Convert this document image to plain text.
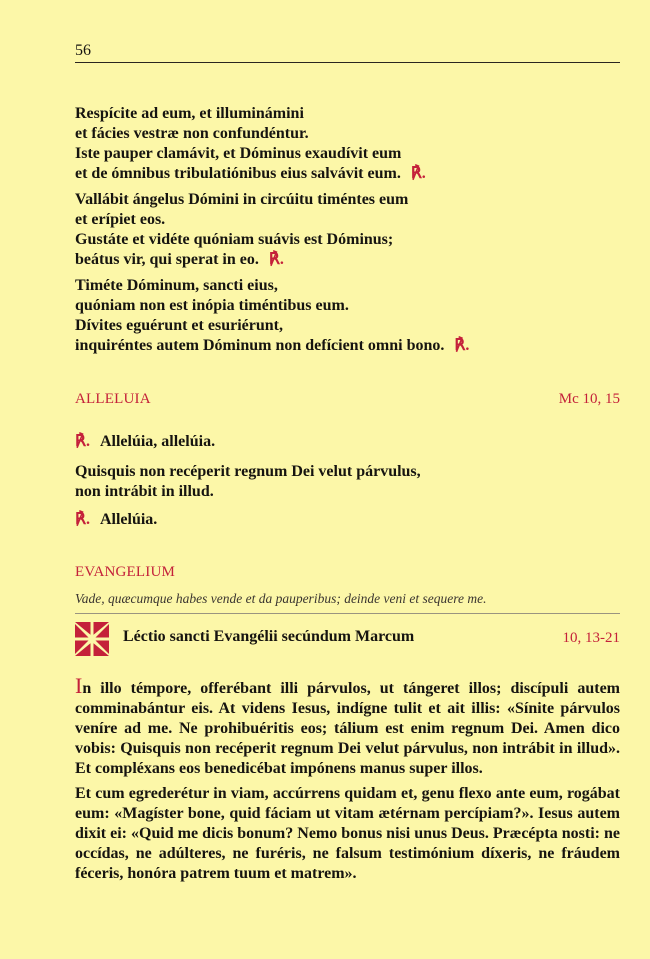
56
Respícite ad eum, et illuminámini
et fácies vestræ non confundéntur.
Iste pauper clamávit, et Dóminus exaudívit eum
et de ómnibus tribulatiónibus eius salvávit eum. ℟.
Vallábit ángelus Dómini in circúitu timéntes eum
et erípiet eos.
Gustáte et vidéte quóniam suávis est Dóminus;
beátus vir, qui sperat in eo. ℟.
Timéte Dóminum, sancti eius,
quóniam non est inópia timéntibus eum.
Dívites eguérunt et esuriérunt,
inquiréntes autem Dóminum non defícient omni bono. ℟.
ALLELUIA	Mc 10, 15
℟. Allelúia, allelúia.
Quisquis non recéperit regnum Dei velut párvulus,
non intrábit in illud.
℟. Allelúia.
EVANGELIUM
Vade, quæcumque habes vende et da pauperibus; deinde veni et sequere me.
Léctio sancti Evangélii secúndum Marcum	10, 13-21
In illo témpore, offerébant illi párvulos, ut tángeret illos; discípuli autem comminabántur eis. At videns Iesus, indígne tulit et ait illis: «Sínite párvulos veníre ad me. Ne prohibuéritis eos; tálium est enim regnum Dei. Amen dico vobis: Quisquis non recéperit regnum Dei velut párvulus, non intrábit in illud». Et compléxans eos benedicébat impónens manus super illos.
Et cum egrederétur in viam, accúrrens quidam et, genu flexo ante eum, rogábat eum: «Magíster bone, quid fáciam ut vitam ætérnam percípiam?». Iesus autem dixit ei: «Quid me dicis bonum? Nemo bonus nisi unus Deus. Præcépta nosti: ne occídas, ne adúlteres, ne furéris, ne falsum testimónium díxeris, ne fráudem féceris, honóra patrem tuum et matrem».
